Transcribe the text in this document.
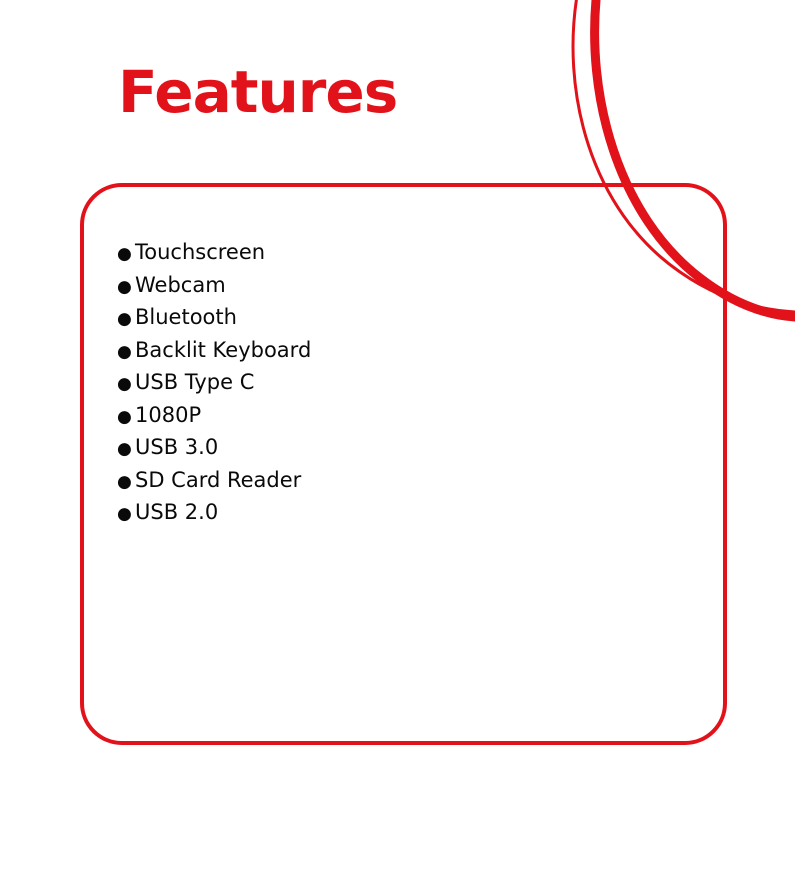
Features
● Touchscreen
● Webcam
● Bluetooth
● Backlit Keyboard
● USB Type C
● 1080P
● USB 3.0
● SD Card Reader
● USB 2.0
